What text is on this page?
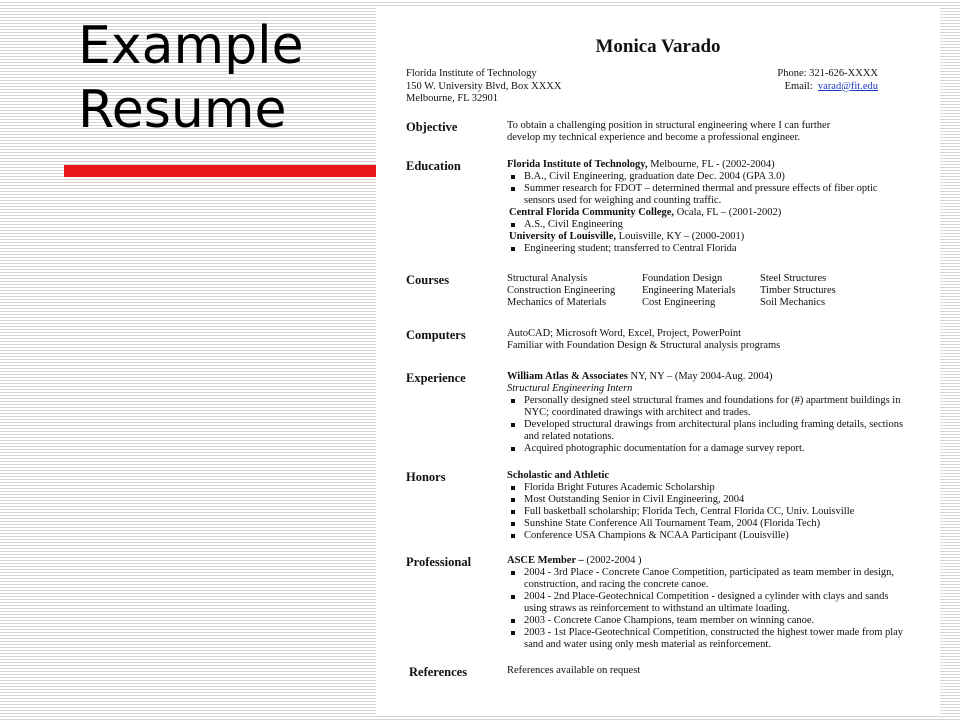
Example Resume
Monica Varado
Florida Institute of Technology
150 W. University Blvd, Box XXXX
Melbourne, FL 32901
Phone: 321-626-XXXX
Email: varad@fit.edu
Objective	To obtain a challenging position in structural engineering where I can further
develop my technical experience and become a professional engineer.
Education	Florida Institute of Technology, Melbourne, FL - (2002-2004)
B.A., Civil Engineering, graduation date Dec. 2004 (GPA 3.0)
Summer research for FDOT – determined thermal and pressure effects of fiber optic sensors used for weighing and counting traffic.
Central Florida Community College, Ocala, FL – (2001-2002)
A.S., Civil Engineering
University of Louisville, Louisville, KY – (2000-2001)
Engineering student; transferred to Central Florida
Courses	Structural Analysis	Foundation Design	Steel Structures
Construction Engineering	Engineering Materials	Timber Structures
Mechanics of Materials	Cost Engineering	Soil Mechanics
Computers	AutoCAD; Microsoft Word, Excel, Project, PowerPoint
Familiar with Foundation Design & Structural analysis programs
Experience	William Atlas & Associates NY, NY – (May 2004-Aug. 2004)
Structural Engineering Intern
Personally designed steel structural frames and foundations for (#) apartment buildings in NYC; coordinated drawings with architect and trades.
Developed structural drawings from architectural plans including framing details, sections and related notations.
Acquired photographic documentation for a damage survey report.
Honors	Scholastic and Athletic
Florida Bright Futures Academic Scholarship
Most Outstanding Senior in Civil Engineering, 2004
Full basketball scholarship; Florida Tech, Central Florida CC, Univ. Louisville
Sunshine State Conference All Tournament Team, 2004 (Florida Tech)
Conference USA Champions & NCAA Participant (Louisville)
Professional	ASCE Member – (2002-2004 )
2004 - 3rd Place - Concrete Canoe Competition, participated as team member in design, construction, and racing the concrete canoe.
2004 - 2nd Place-Geotechnical Competition - designed a cylinder with clays and sands using straws as reinforcement to withstand an ultimate loading.
2003 - Concrete Canoe Champions, team member on winning canoe.
2003 - 1st Place-Geotechnical Competition, constructed the highest tower made from play sand and water using only mesh material as reinforcement.
References	References available on request
